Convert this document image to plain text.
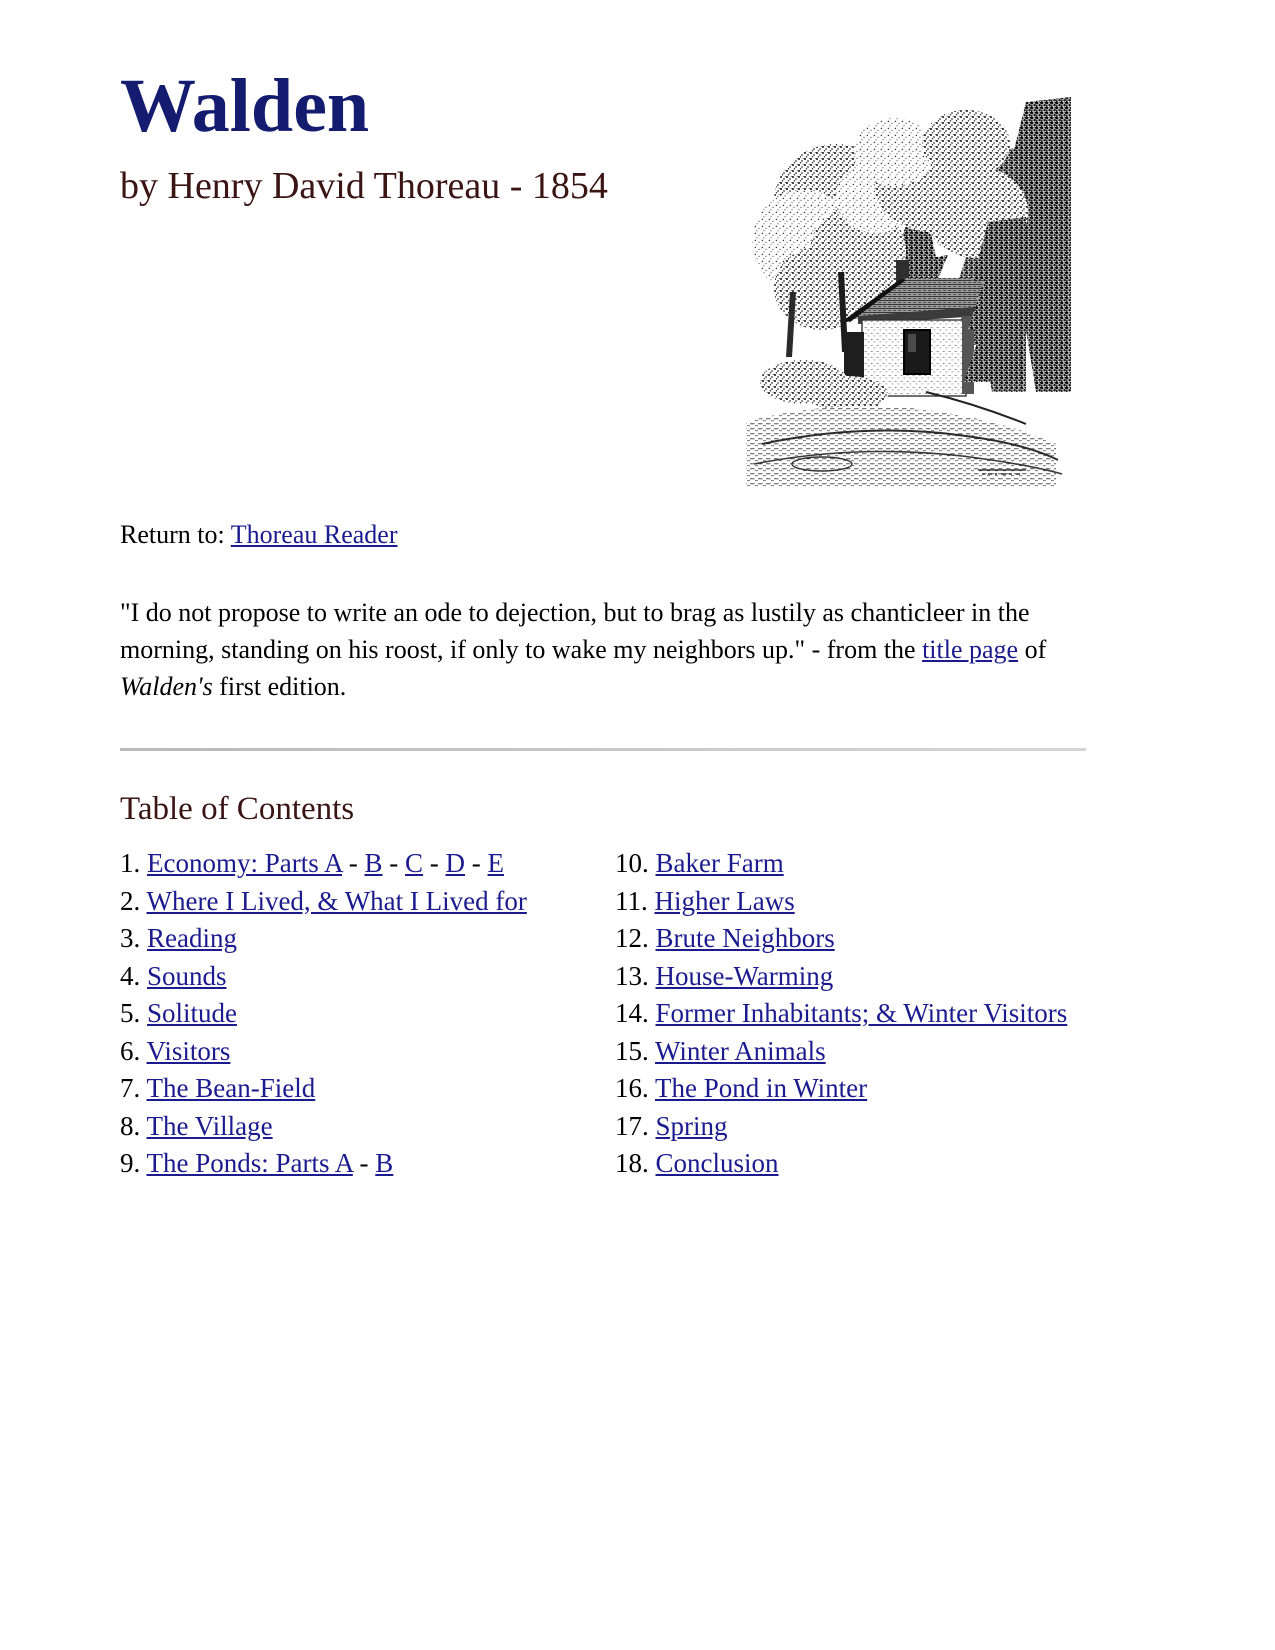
Walden
by Henry David Thoreau - 1854
Return to: Thoreau Reader
"I do not propose to write an ode to dejection, but to brag as lustily as chanticleer in the morning, standing on his roost, if only to wake my neighbors up." - from the title page of Walden's first edition.
Table of Contents
1. Economy: Parts A - B - C - D - E
2. Where I Lived, & What I Lived for
3. Reading
4. Sounds
5. Solitude
6. Visitors
7. The Bean-Field
8. The Village
9. The Ponds: Parts A - B
10. Baker Farm
11. Higher Laws
12. Brute Neighbors
13. House-Warming
14. Former Inhabitants; & Winter Visitors
15. Winter Animals
16. The Pond in Winter
17. Spring
18. Conclusion
